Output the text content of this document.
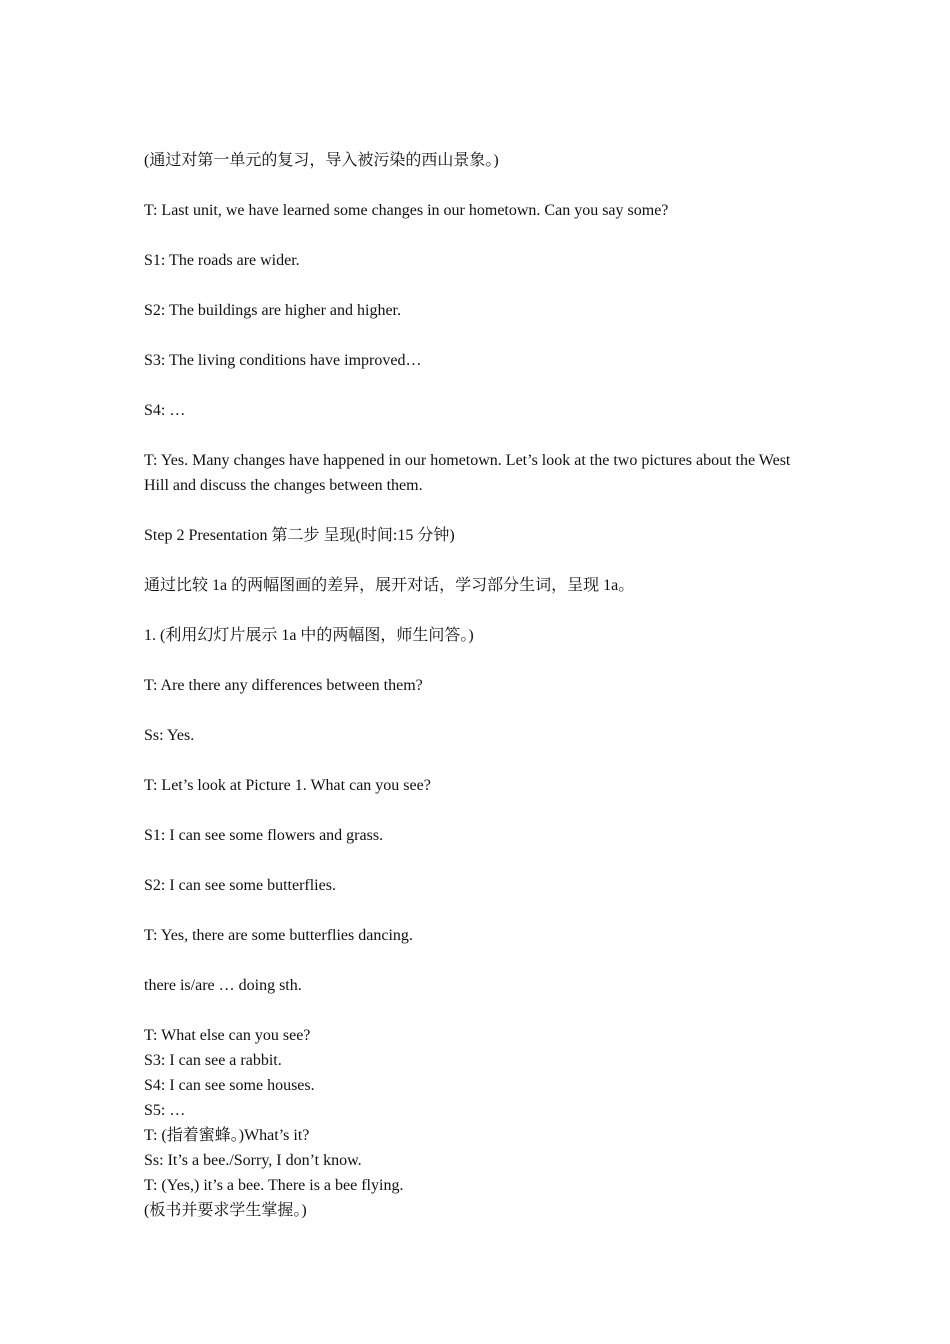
(通过对第一单元的复习，导入被污染的西山景象。)

T: Last unit, we have learned some changes in our hometown. Can you say some?

S1: The roads are wider.

S2: The buildings are higher and higher.

S3: The living conditions have improved…

S4: …

T: Yes. Many changes have happened in our hometown. Let’s look at the two pictures about the West Hill and discuss the changes between them.

Step 2 Presentation 第二步 呈现(时间:15 分钟)

通过比较 1a 的两幅图画的差异，展开对话，学习部分生词，呈现 1a。

1. (利用幻灯片展示 1a 中的两幅图，师生问答。)

T: Are there any differences between them?

Ss: Yes.

T: Let’s look at Picture 1. What can you see?

S1: I can see some flowers and grass.

S2: I can see some butterflies.

T: Yes, there are some butterflies dancing.

there is/are … doing sth.

T: What else can you see?

S3: I can see a rabbit.

S4: I can see some houses.

S5: …

T: (指着蜜蜂。)What’s it?

Ss: It’s a bee./Sorry, I don’t know.

T: (Yes,) it’s a bee. There is a bee flying.

(板书并要求学生掌握。)
